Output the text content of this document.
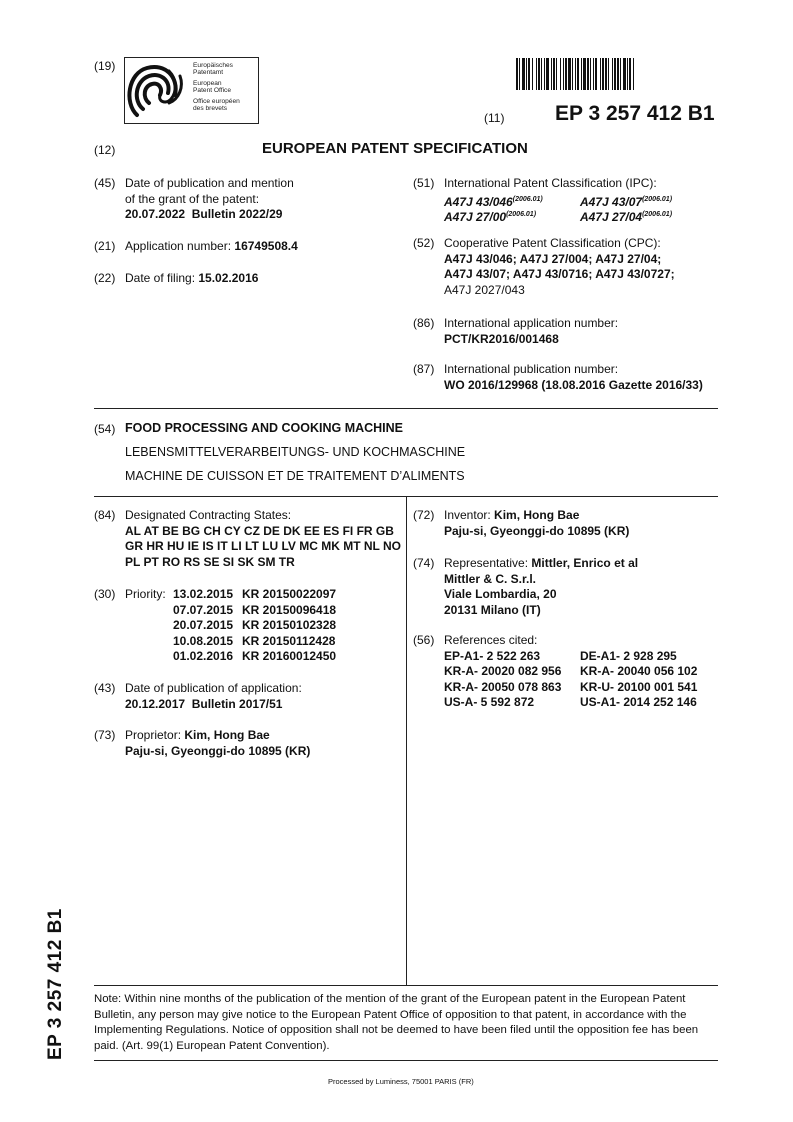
(19)	Europäisches
Patentamt
European
Patent Office
Office européen
des brevets
(11) EP 3 257 412 B1
(12)	EUROPEAN PATENT SPECIFICATION
(45) Date of publication and mention
of the grant of the patent:
20.07.2022  Bulletin 2022/29
(21) Application number: 16749508.4
(22) Date of filing: 15.02.2016
(51) International Patent Classification (IPC):
A47J $43/046^{(2006.01)}$	A47J $43/07^{(2006.01)}$
A47J $27/00^{(2006.01)}$	A47J $27/04^{(2006.01)}$
(52) Cooperative Patent Classification (CPC):
A47J 43/046; A47J 27/004; A47J 27/04;
A47J 43/07; A47J 43/0716; A47J 43/0727;
A47J 2027/043
(86) International application number:
PCT/KR2016/001468
(87) International publication number:
WO 2016/129968 (18.08.2016 Gazette 2016/33)
(54) FOOD PROCESSING AND COOKING MACHINE
LEBENSMITTELVERARBEITUNGS- UND KOCHMASCHINE
MACHINE DE CUISSON ET DE TRAITEMENT D’ALIMENTS
(84) Designated Contracting States:
AL AT BE BG CH CY CZ DE DK EE ES FI FR GB
GR HR HU IE IS IT LI LT LU LV MC MK MT NL NO
PL PT RO RS SE SI SK SM TR
(30) Priority: 13.02.2015 KR 20150022097
07.07.2015 KR 20150096418
20.07.2015 KR 20150102328
10.08.2015 KR 20150112428
01.02.2016 KR 20160012450
(43) Date of publication of application:
20.12.2017  Bulletin 2017/51
(73) Proprietor: Kim, Hong Bae
Paju-si, Gyeonggi-do 10895 (KR)
(72) Inventor: Kim, Hong Bae
Paju-si, Gyeonggi-do 10895 (KR)
(74) Representative: Mittler, Enrico et al
Mittler & C. S.r.l.
Viale Lombardia, 20
20131 Milano (IT)
(56) References cited:
EP-A1- 2 522 263	DE-A1- 2 928 295
KR-A- 20020 082 956 KR-A- 20040 056 102
KR-A- 20050 078 863 KR-U- 20100 001 541
US-A- 5 592 872	US-A1- 2014 252 146
Note: Within nine months of the publication of the mention of the grant of the European patent in the European Patent
Bulletin, any person may give notice to the European Patent Office of opposition to that patent, in accordance with the
Implementing Regulations. Notice of opposition shall not be deemed to have been filed until the opposition fee has been
paid. (Art. 99(1) European Patent Convention).
EP 3 257 412 B1
Processed by Luminess, 75001 PARIS (FR)
